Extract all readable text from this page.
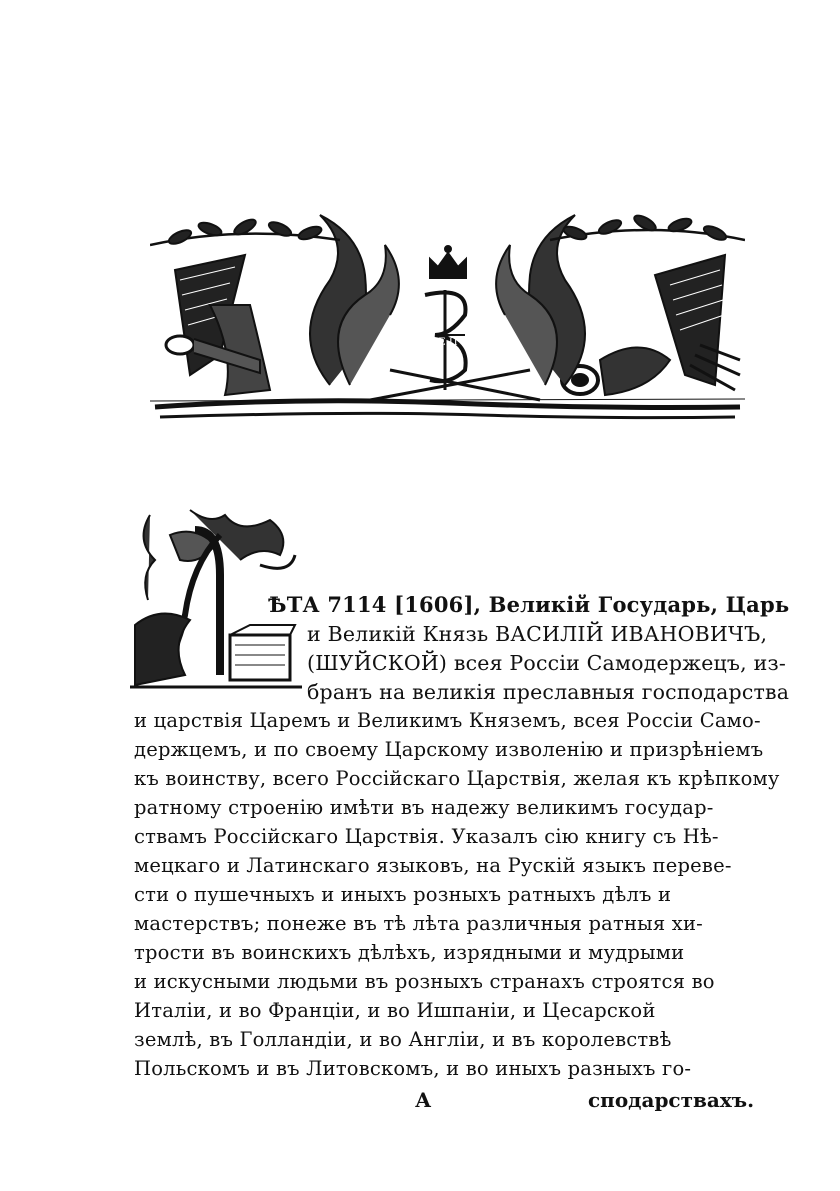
Е П
Л
ѢТА 7114 [1606], Великій Государь, Царь
и Великій Князь ВАСИЛІЙ ИВАНОВИЧЪ,
(ШУЙСКОЙ) всея Россіи Самодержецъ, из-
бранъ на великія преславныя господарства
и царствія Царемъ и Великимъ Княземъ, всея Россіи Само-
держцемъ, и по своему Царскому изволенію и призрѣніемъ
къ воинству, всего Россійскаго Царствія, желая къ крѣпкому
ратному строенію имѣти въ надежу великимъ государ-
ствамъ Россійскаго Царствія. Указалъ сію книгу съ Нѣ-
мецкаго и Латинскаго языковъ, на Рускій языкъ переве-
сти о пушечныхъ и иныхъ розныхъ ратныхъ дѣлъ и
мастерствъ; понеже въ тѣ лѣта различныя ратныя хи-
трости въ воинскихъ дѣлѣхъ, изрядными и мудрыми
и искусными людьми въ розныхъ странахъ строятся во
Италіи, и во Франціи, и во Ишпаніи, и Цесарской
землѣ, въ Голландіи, и во Англіи, и въ королевствѣ
Польскомъ и въ Литовскомъ, и во иныхъ разныхъ го-
А	сподарствахъ.
